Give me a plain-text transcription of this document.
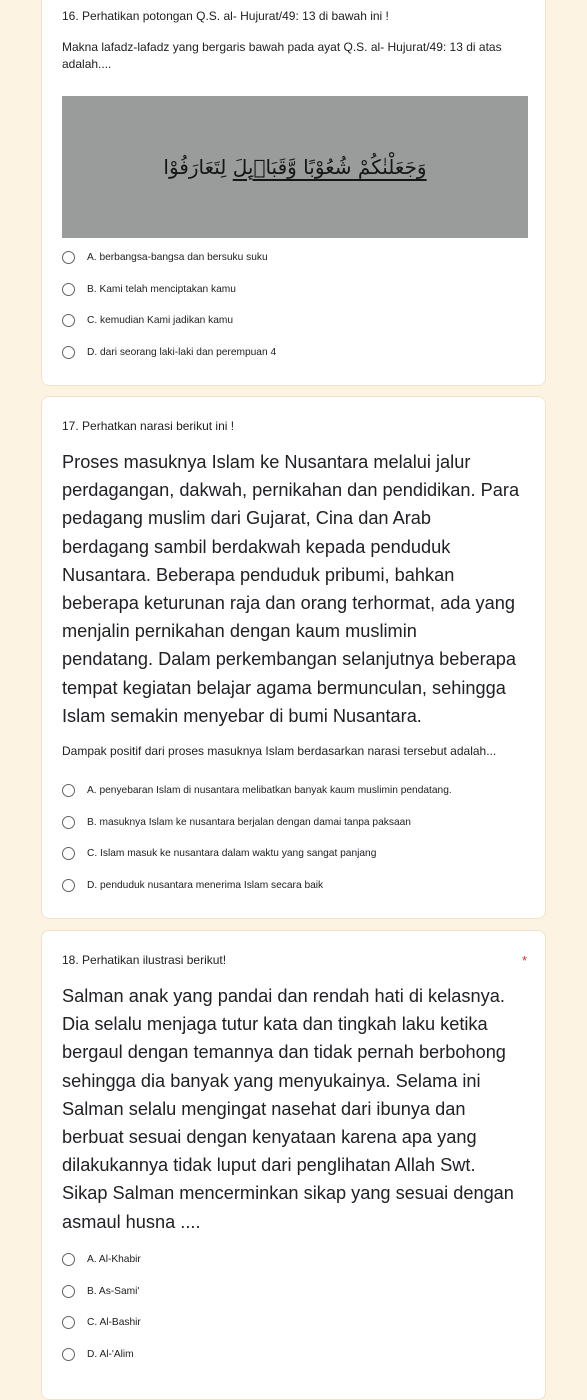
16. Perhatikan potongan Q.S. al- Hujurat/49: 13 di bawah ini !
Makna lafadz-lafadz yang bergaris bawah pada ayat Q.S. al- Hujurat/49: 13 di atas adalah....
وَجَعَلْنٰكُمْ شُعُوْبًا وَّقَبَاۤىِٕلَ لِتَعَارَفُوْا
A. berbangsa-bangsa dan bersuku suku
B. Kami telah menciptakan kamu
C. kemudian Kami jadikan kamu
D. dari seorang laki-laki dan perempuan 4
17. Perhatkan narasi berikut ini !
Proses masuknya Islam ke Nusantara melalui jalur
perdagangan, dakwah, pernikahan dan pendidikan. Para
pedagang muslim dari Gujarat, Cina dan Arab
berdagang sambil berdakwah kepada penduduk
Nusantara. Beberapa penduduk pribumi, bahkan
beberapa keturunan raja dan orang terhormat, ada yang
menjalin pernikahan dengan kaum muslimin
pendatang. Dalam perkembangan selanjutnya beberapa
tempat kegiatan belajar agama bermunculan, sehingga
Islam semakin menyebar di bumi Nusantara.
Dampak positif dari proses masuknya Islam berdasarkan narasi tersebut adalah...
A. penyebaran Islam di nusantara melibatkan banyak kaum muslimin pendatang.
B. masuknya Islam ke nusantara berjalan dengan damai tanpa paksaan
C. Islam masuk ke nusantara dalam waktu yang sangat panjang
D. penduduk nusantara menerima Islam secara baik
18. Perhatikan ilustrasi berikut!	*
Salman anak yang pandai dan rendah hati di kelasnya.
Dia selalu menjaga tutur kata dan tingkah laku ketika
bergaul dengan temannya dan tidak pernah berbohong
sehingga dia banyak yang menyukainya. Selama ini
Salman selalu mengingat nasehat dari ibunya dan
berbuat sesuai dengan kenyataan karena apa yang
dilakukannya tidak luput dari penglihatan Allah Swt.
Sikap Salman mencerminkan sikap yang sesuai dengan
asmaul husna ....
A. Al-Khabir
B. As-Sami'
C. Al-Bashir
D. Al-'Alim
